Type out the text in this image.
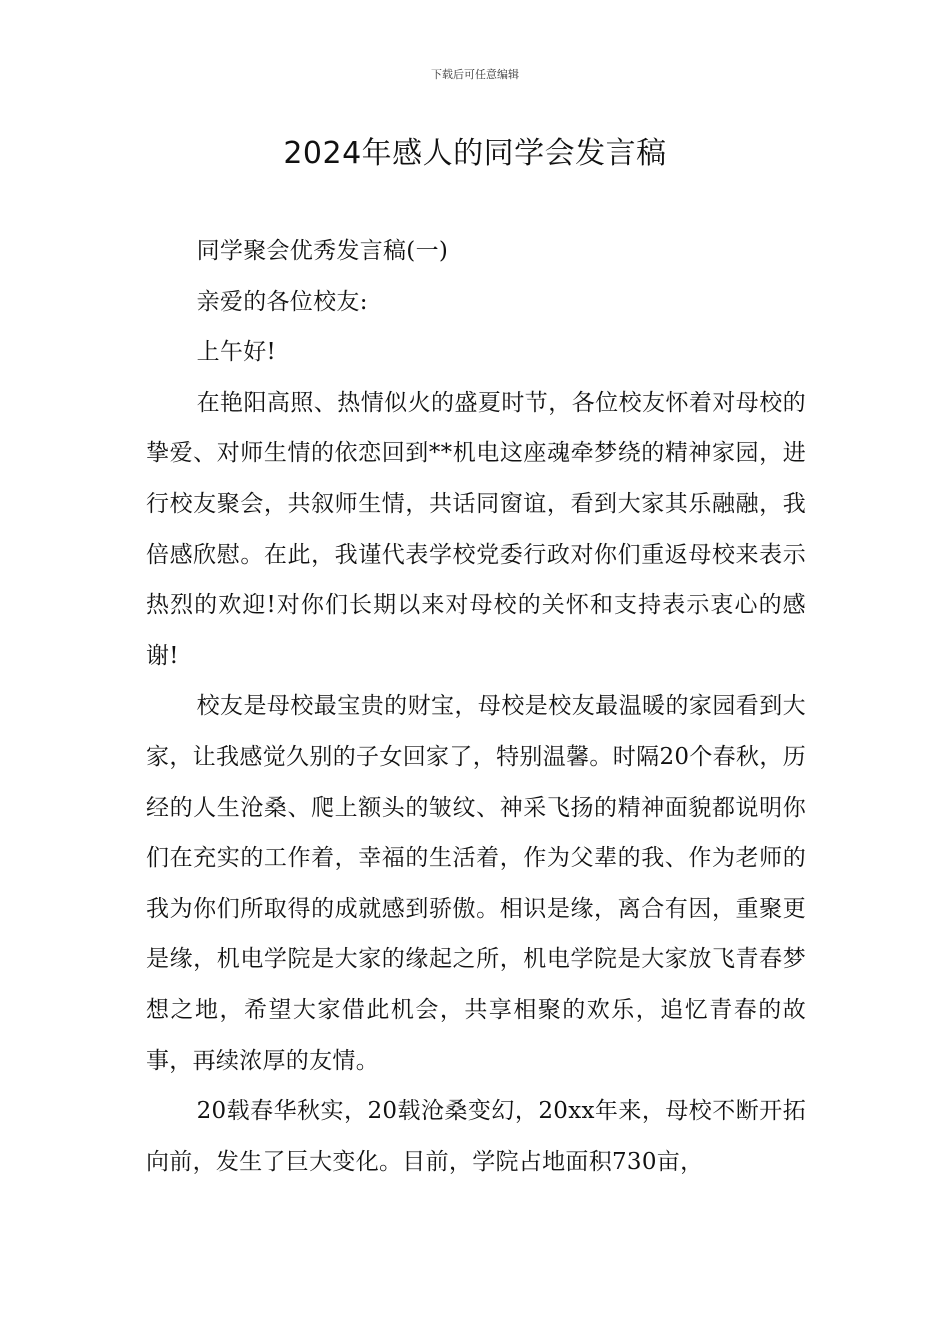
下载后可任意编辑
2024年感人的同学会发言稿

同学聚会优秀发言稿(一)

亲爱的各位校友:

上午好!

在艳阳高照、热情似火的盛夏时节，各位校友怀着对母校的挚爱、对师生情的依恋回到**机电这座魂牵梦绕的精神家园，进行校友聚会，共叙师生情，共话同窗谊，看到大家其乐融融，我倍感欣慰。在此，我谨代表学校党委行政对你们重返母校来表示热烈的欢迎!对你们长期以来对母校的关怀和支持表示衷心的感谢!

校友是母校最宝贵的财宝，母校是校友最温暖的家园看到大家，让我感觉久别的子女回家了，特别温馨。时隔20个春秋，历经的人生沧桑、爬上额头的皱纹、神采飞扬的精神面貌都说明你们在充实的工作着，幸福的生活着，作为父辈的我、作为老师的我为你们所取得的成就感到骄傲。相识是缘，离合有因，重聚更是缘，机电学院是大家的缘起之所，机电学院是大家放飞青春梦想之地，希望大家借此机会，共享相聚的欢乐，追忆青春的故事，再续浓厚的友情。

20载春华秋实，20载沧桑变幻，20xx年来，母校不断开拓向前，发生了巨大变化。目前，学院占地面积730亩，
